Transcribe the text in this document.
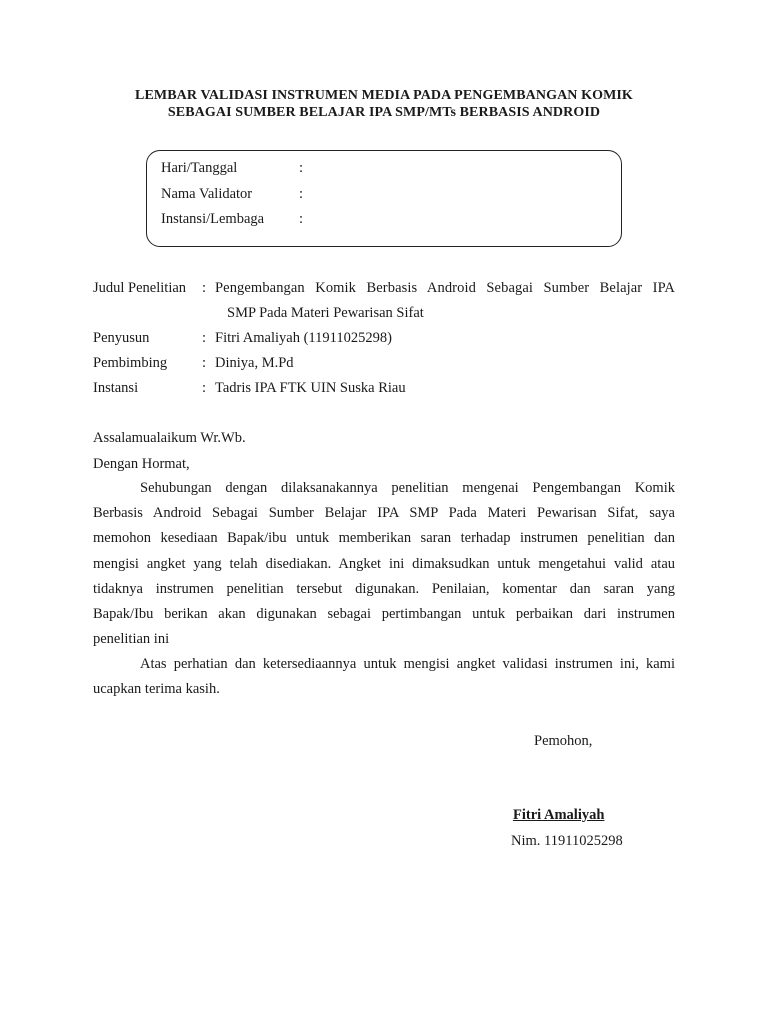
LEMBAR VALIDASI INSTRUMEN MEDIA PADA PENGEMBANGAN KOMIK
SEBAGAI SUMBER BELAJAR IPA SMP/MTs BERBASIS ANDROID
Hari/Tanggal	:
Nama Validator	:
Instansi/Lembaga :
Judul Penelitian : Pengembangan Komik Berbasis Android Sebagai Sumber Belajar IPA
SMP Pada Materi Pewarisan Sifat
Penyusun	: Fitri Amaliyah (11911025298)
Pembimbing : Diniya, M.Pd
Instansi	: Tadris IPA FTK UIN Suska Riau
Assalamualaikum Wr.Wb.
Dengan Hormat,
Sehubungan dengan dilaksanakannya penelitian mengenai Pengembangan Komik
Berbasis Android Sebagai Sumber Belajar IPA SMP Pada Materi Pewarisan Sifat, saya
memohon kesediaan Bapak/ibu untuk memberikan saran terhadap instrumen penelitian dan
mengisi angket yang telah disediakan. Angket ini dimaksudkan untuk mengetahui valid atau
tidaknya instrumen penelitian tersebut digunakan. Penilaian, komentar dan saran yang
Bapak/Ibu berikan akan digunakan sebagai pertimbangan untuk perbaikan dari instrumen
penelitian ini
Atas perhatian dan ketersediaannya untuk mengisi angket validasi instrumen ini, kami
ucapkan terima kasih.
Pemohon,
Fitri Amaliyah
Nim. 11911025298
